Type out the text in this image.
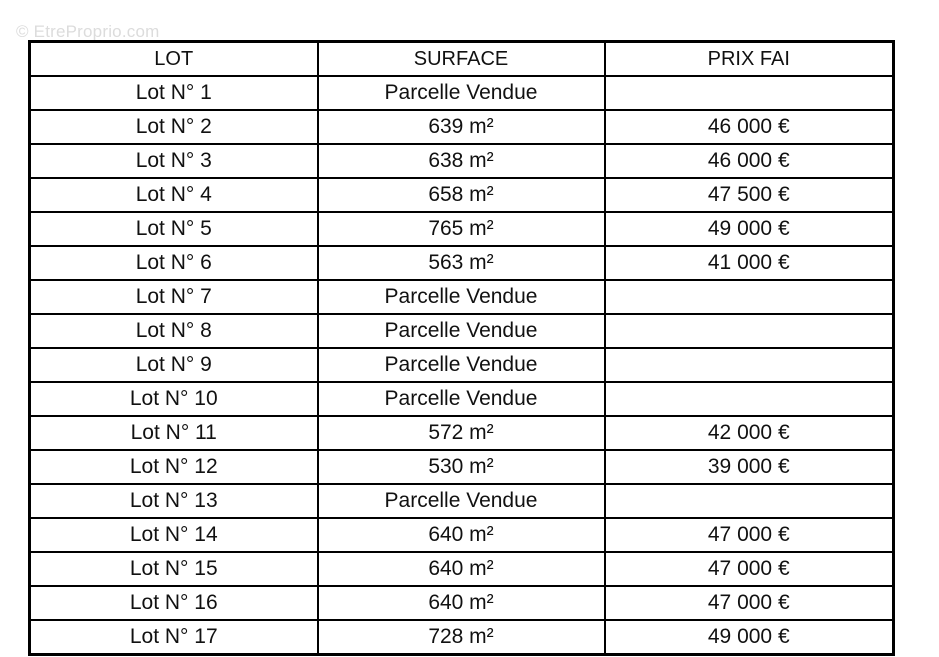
© EtreProprio.com
LOT	SURFACE	PRIX FAI
Lot N° 1	Parcelle Vendue	
Lot N° 2	639 m²	46 000 €
Lot N° 3	638 m²	46 000 €
Lot N° 4	658 m²	47 500 €
Lot N° 5	765 m²	49 000 €
Lot N° 6	563 m²	41 000 €
Lot N° 7	Parcelle Vendue	
Lot N° 8	Parcelle Vendue	
Lot N° 9	Parcelle Vendue	
Lot N° 10	Parcelle Vendue	
Lot N° 11	572 m²	42 000 €
Lot N° 12	530 m²	39 000 €
Lot N° 13	Parcelle Vendue	
Lot N° 14	640 m²	47 000 €
Lot N° 15	640 m²	47 000 €
Lot N° 16	640 m²	47 000 €
Lot N° 17	728 m²	49 000 €
